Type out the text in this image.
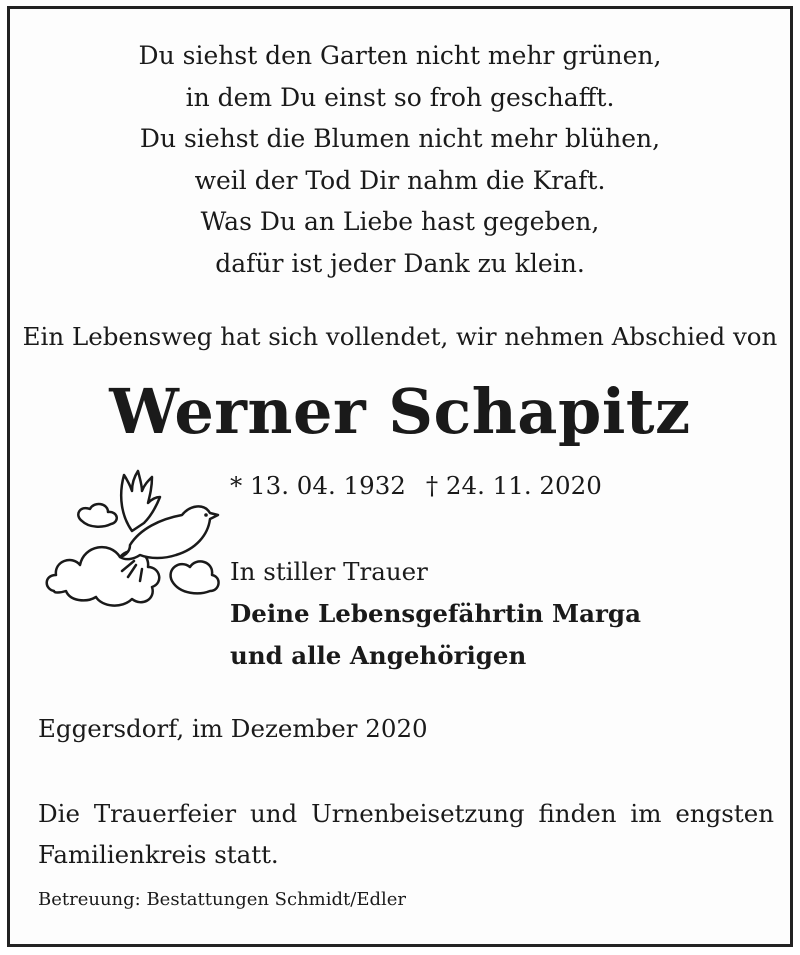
Du siehst den Garten nicht mehr grünen,
in dem Du einst so froh geschafft.
Du siehst die Blumen nicht mehr blühen,
weil der Tod Dir nahm die Kraft.
Was Du an Liebe hast gegeben,
dafür ist jeder Dank zu klein.
Ein Lebensweg hat sich vollendet, wir nehmen Abschied von
Werner Schapitz
* 13. 04. 1932 † 24. 11. 2020
In stiller Trauer
Deine Lebensgefährtin Marga
und alle Angehörigen
Eggersdorf, im Dezember 2020
Die Trauerfeier und Urnenbeisetzung finden im engsten
Familienkreis statt.
Betreuung: Bestattungen Schmidt/Edler
